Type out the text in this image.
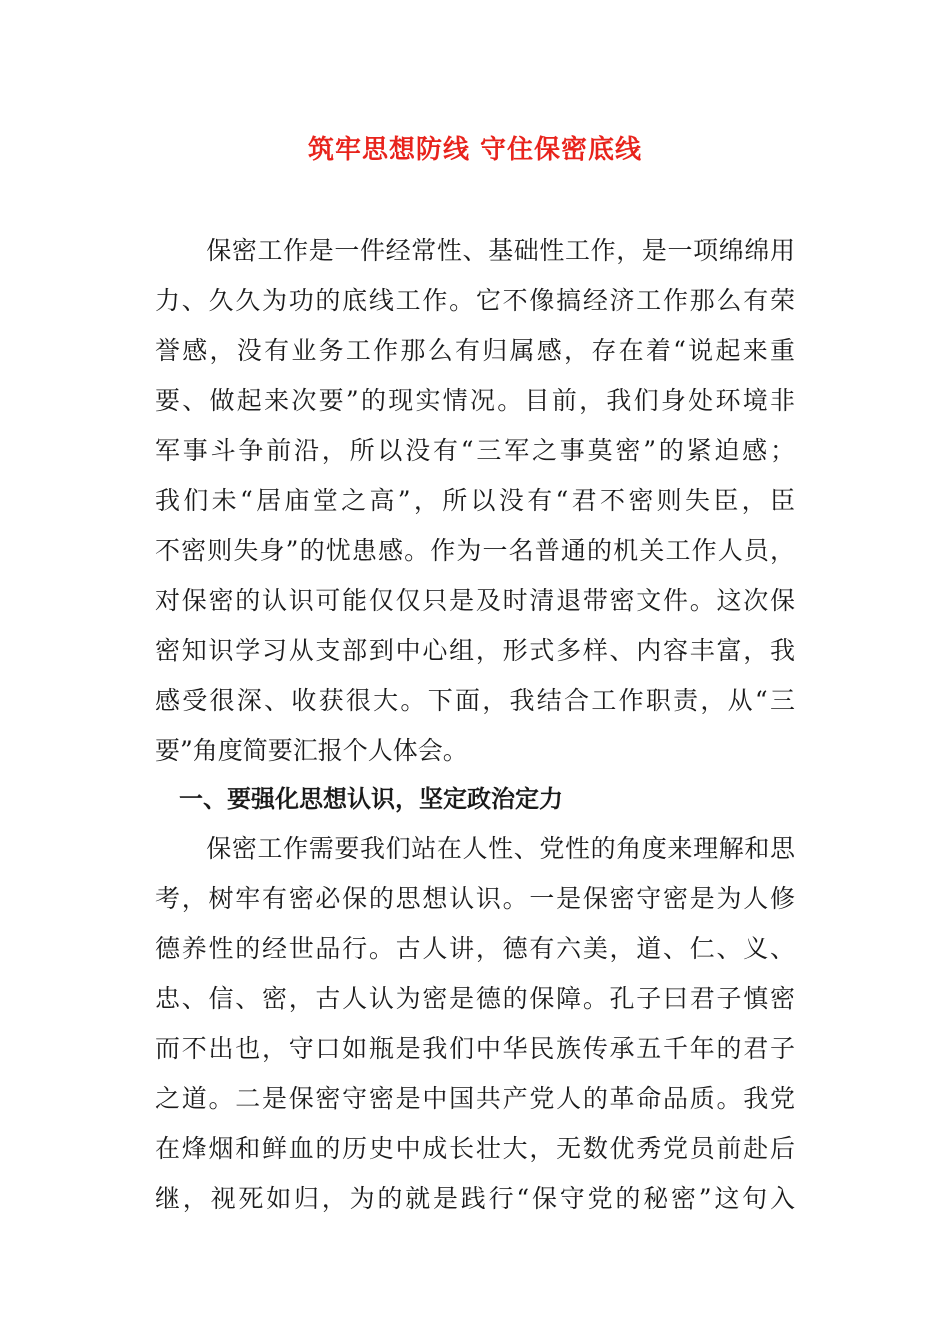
筑牢思想防线 守住保密底线
　　保密工作是一件经常性、基础性工作，是一项绵绵用
力、久久为功的底线工作。它不像搞经济工作那么有荣
誉感，没有业务工作那么有归属感，存在着“说起来重
要、做起来次要”的现实情况。目前，我们身处环境非
军事斗争前沿，所以没有“三军之事莫密”的紧迫感；
我们未“居庙堂之高”，所以没有“君不密则失臣，臣
不密则失身”的忧患感。作为一名普通的机关工作人员，
对保密的认识可能仅仅只是及时清退带密文件。这次保
密知识学习从支部到中心组，形式多样、内容丰富，我
感受很深、收获很大。下面，我结合工作职责，从“三
要”角度简要汇报个人体会。
　一、要强化思想认识，坚定政治定力
　　保密工作需要我们站在人性、党性的角度来理解和思
考，树牢有密必保的思想认识。一是保密守密是为人修
德养性的经世品行。古人讲，德有六美，道、仁、义、
忠、信、密，古人认为密是德的保障。孔子曰君子慎密
而不出也，守口如瓶是我们中华民族传承五千年的君子
之道。二是保密守密是中国共产党人的革命品质。我党
在烽烟和鲜血的历史中成长壮大，无数优秀党员前赴后
继，视死如归，为的就是践行“保守党的秘密”这句入
